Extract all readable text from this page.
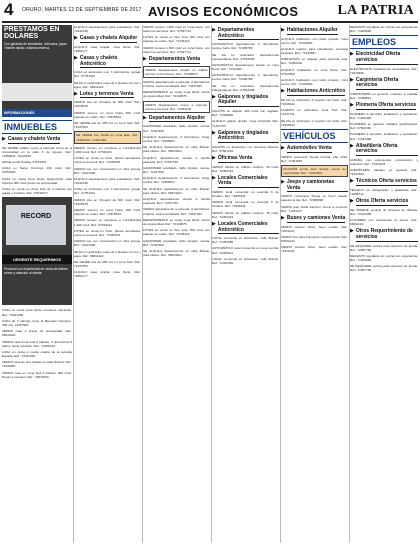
4 ORURO, MARTES 12 DE SEPTIEMBRE DE 2017 AVISOS ECONÓMICOS	LA PATRIA
PRESTAMOS EN DOLARES
Con garantía de inmuebles, vehículos, joyas. Trámite rápido, máxima reserva.
INFORMACIONES
INMUEBLES
▶ Casas y chalets Venta
SE VENDE edificio nuevo a estrenar cerca de la Universidad en la calle 6 de Agosto. Ref.: 72458611, 72416633
URGE vendo Kuarita, 67631324
CASA en Santo Domingo 190 mts2. Ref.: 67654321
CASA en venta zona Norte Quirquincho calle Tejerina 300 mts2 precio de oportunidad.
CASA en venta en Zona Sud de 2 plantas con garaje y 2 baños. Ref.: 67546277
RECORD
URGENTE REQUERIMOS
Personal con experiencia en venta de bienes raíces y atención al cliente.
CASA en venta zona Norte excelente ubicación. Ref.: 79321456
CASA de 3 plantas cerca al Mercado Campero. 300 mts. 72457931
VENDO casa a precio de oportunidad. Ref.: 68344921
VENDO casa zona este 2 plantas. 5 dormitorios 5 baños, living comedor. Ref.: 73456123
CASA en venta a media cuadra de la avenida España. Ref.: 72311452
VENDO casa de dos plantas en calle Bolívar. Ref.: 71234987
VENDO casa en zona Sud 2 plantas, 300 mts2. Precio a convenir. Ref.: 79870044
ALQUILO departamento para estudiantes. Ref.: 72441239
▶ Casas y chalets Alquiler
ALQUILO casa amplia, zona Norte. Ref.: 72561177
▶ Casas y chalets Anticrético
CASA en anticrético con 3 dormitorios, garaje. Ref.: 67754321
SE DA en anticrético casa de 2 plantas con luz y agua. Ref.: 68311422
▶ Lotes y terrenos Venta
VENDO lote en Chuquiri de 500 mts2. Ref.: 72315678
VENDO terreno en zona Norte 360 mts2, papeles en orden. Ref.: 72315544
SE VENDE lote de 250 m2 en zona Sud. Ref.: 71237654
SE VENDE lote 10x30 en zona Este. Ref.: 72462270 / 71337429
VENDO terreno en carretera a Cochabamba 1.000 mts2. Ref.: 67543211
LOTES en venta en Vinto, planos aprobados, precio a convenir. Ref.: 72345678
VENDO lote con construcción en obra gruesa. Ref.: 73123456
ALQUILO departamento para estudiantes. Ref.: 72441239
CASA en anticrético con 3 dormitorios, garaje. Ref.: 67754321
VENDO lote en Chuquiri de 500 mts2. Ref.: 72315678
VENDO terreno en zona Norte 360 mts2, papeles en orden. Ref.: 72315544
VENDO terreno en carretera a Cochabamba 1.000 mts2. Ref.: 67543211
LOTES en venta en Vinto, planos aprobados, precio a convenir. Ref.: 72345678
VENDO lote con construcción en obra gruesa. Ref.: 73123456
SE DA en anticrético casa de 2 plantas con luz y agua. Ref.: 68311422
SE VENDE lote de 250 m2 en zona Sud. Ref.: 71237654
ALQUILO casa amplia, zona Norte. Ref.: 72561177
VENDO terreno 1.500 mts2 en zona Norte, con todos los servicios. Ref.: 67547711
LOTES en venta en San José 300 mts2 con papeles en orden. Ref.: 71134422
VENDO terreno 1.500 mts2 en zona Norte, con todos los servicios. Ref.: 67547711
▶ Departamentos Venta
VENDO departamento amplio en edificio céntrico 3 dormitorios. Ref.: 72458810
VENDO departamento a estrenar, 3 dormitorios, 2 baños, cocina amoblada. Ref.: 73337432
DEPARTAMENTO en venta zona Norte, precio de oportunidad. Ref.: 72449876
VENDO departamento nuevo a estrenar, precio a convenir. Ref.: 72451198
▶ Departamentos Alquiler
GARZONIER amoblado, baño privado, cocina. Ref.: 72347812
ALQUILO departamento, 3 dormitorios, living, cocina. Ref.: 72455601
SE ALQUILA departamento en calle Bolívar, para oficina. Ref.: 68314421
ALQUILO departamento amplio a familia pequeña. Ref.: 72337766
GARZONIER amoblado, baño privado, cocina. Ref.: 72347812
ALQUILO departamento, 3 dormitorios, living, cocina. Ref.: 72455601
SE ALQUILA departamento en calle Bolívar, para oficina. Ref.: 68314421
ALQUILO departamento amplio a familia pequeña. Ref.: 72337766
VENDO departamento a estrenar, 3 dormitorios, 2 baños, cocina amoblada. Ref.: 73337432
DEPARTAMENTO en venta zona Norte, precio de oportunidad. Ref.: 72449876
LOTES en venta en San José 300 mts2 con papeles en orden. Ref.: 71134422
GARZONIER amoblado, baño privado, cocina. Ref.: 72347812
SE ALQUILA departamento en calle Bolívar, para oficina. Ref.: 68314421
▶ Departamentos Anticrético
ANTICRÉTICO departamento 2 dormitorios, cocina, baño. Ref.: 72456789
SE DA en anticrético departamento independiente. Ref.: 67543398
ANTICRÉTICO departamento amplio en zona Norte. Ref.: 72311190
ANTICRÉTICO departamento 2 dormitorios, cocina, baño. Ref.: 72456789
SE DA en anticrético departamento independiente. Ref.: 67543398
▶ Galpones y tinglados Alquiler
GALPÓN en alquiler 300 mts2 con tinglado. Ref.: 72348866
ALQUILO galpón amplio, zona industrial. Ref.: 71337723
▶ Galpones y tinglados Anticrético
GALPÓN en anticrético con servicios básicos. Ref.: 67561234
▶ Oficinas Venta
VENDO oficina en edificio céntrico, 45 mts2. Ref.: 72452219
▶ Locales Comerciales Venta
VENDO local comercial en avenida 6 de Octubre. Ref.: 72345611
VENDO local comercial en avenida 6 de Octubre. Ref.: 72345611
VENDO oficina en edificio céntrico, 45 mts2. Ref.: 72452219
▶ Locales Comerciales Anticrético
LOCAL comercial en anticrético, calle Bolívar. Ref.: 71334455
ANTICRÉTICO local comercial en zona central. Ref.: 72456611
LOCAL comercial en anticrético, calle Bolívar. Ref.: 71334455
▶ Habitaciones Alquiler
ALQUILO habitación con baño privado, zona centro. Ref.: 72316654
ALQUILO cuartos para estudiantes, servicios incluidos. Ref.: 71334567
HABITACIÓN en alquiler para persona sola. Ref.: 72452233
ALQUILO habitación en zona Norte. Ref.: 67543290
ALQUILO habitación con baño privado, zona centro. Ref.: 72316654
▶ Habitaciones Anticrético
SE DA en anticrético 2 cuartos con baño. Ref.: 72446612
CUARTO en anticrético zona Sud. Ref.: 71237711
SE DA en anticrético 2 cuartos con baño. Ref.: 72446612
VEHÍCULOS
▶ Automóviles Venta
VENDO automóvil Toyota Corolla, año 2010. Ref.: 72451188
OCASIÓN vendo auto Suzuki, precio de oportunidad. Ref.: 73344501
▶ Jeeps y camionetas Venta
VENDO camioneta Toyota en buen estado, papeles al día. Ref.: 72458890
VENDO jeep doble tracción, precio a convenir. Ref.: 71334477
▶ Buses y camiones Venta
VENDO camión Volvo, buen estado. Ref.: 72311123
VENDO bus para transporte interprovincial. Ref.: 67541122
VENDO camión Volvo, buen estado. Ref.: 72311123
NECESITO ayudante de cocina con experiencia. Ref.: 71334520
EMPLEOS
▶ Electricidad Oferta servicios
ELECTRICISTA instalaciones domiciliarias. Ref.: 72316890
▶ Carpintería Oferta servicios
CARPINTERÍA en general, muebles a medida. Ref.: 72458811
▶ Plomería Oferta servicios
PLOMERO a domicilio, instalación y reparación. Ref.: 71334490
PLOMERÍA en general, trabajos garantizados. Ref.: 67543310
PLOMERO a domicilio, instalación y reparación. Ref.: 71334490
▶ Albañilería Oferta servicios
ALBAÑIL con experiencia, construcción y refacción. Ref.: 72311678
ALBAÑILERÍA trabajos en general. Ref.: 71237600
▶ Técnicos Oferta servicios
TÉCNICO en refrigeración y lavadoras. Ref.: 72456712
▶ Otros Oferta servicios
SE OFRECE servicio de limpieza de oficinas. Ref.: 72314455
COCINERA con experiencia se ofrece. Ref.: 68311120
▶ Otros Requerimiento de servicios
SE REQUIERE señora para atención de tienda. Ref.: 72457790
NECESITO ayudante de cocina con experiencia. Ref.: 71334520
SE REQUIERE señora para atención de tienda. Ref.: 72457790
